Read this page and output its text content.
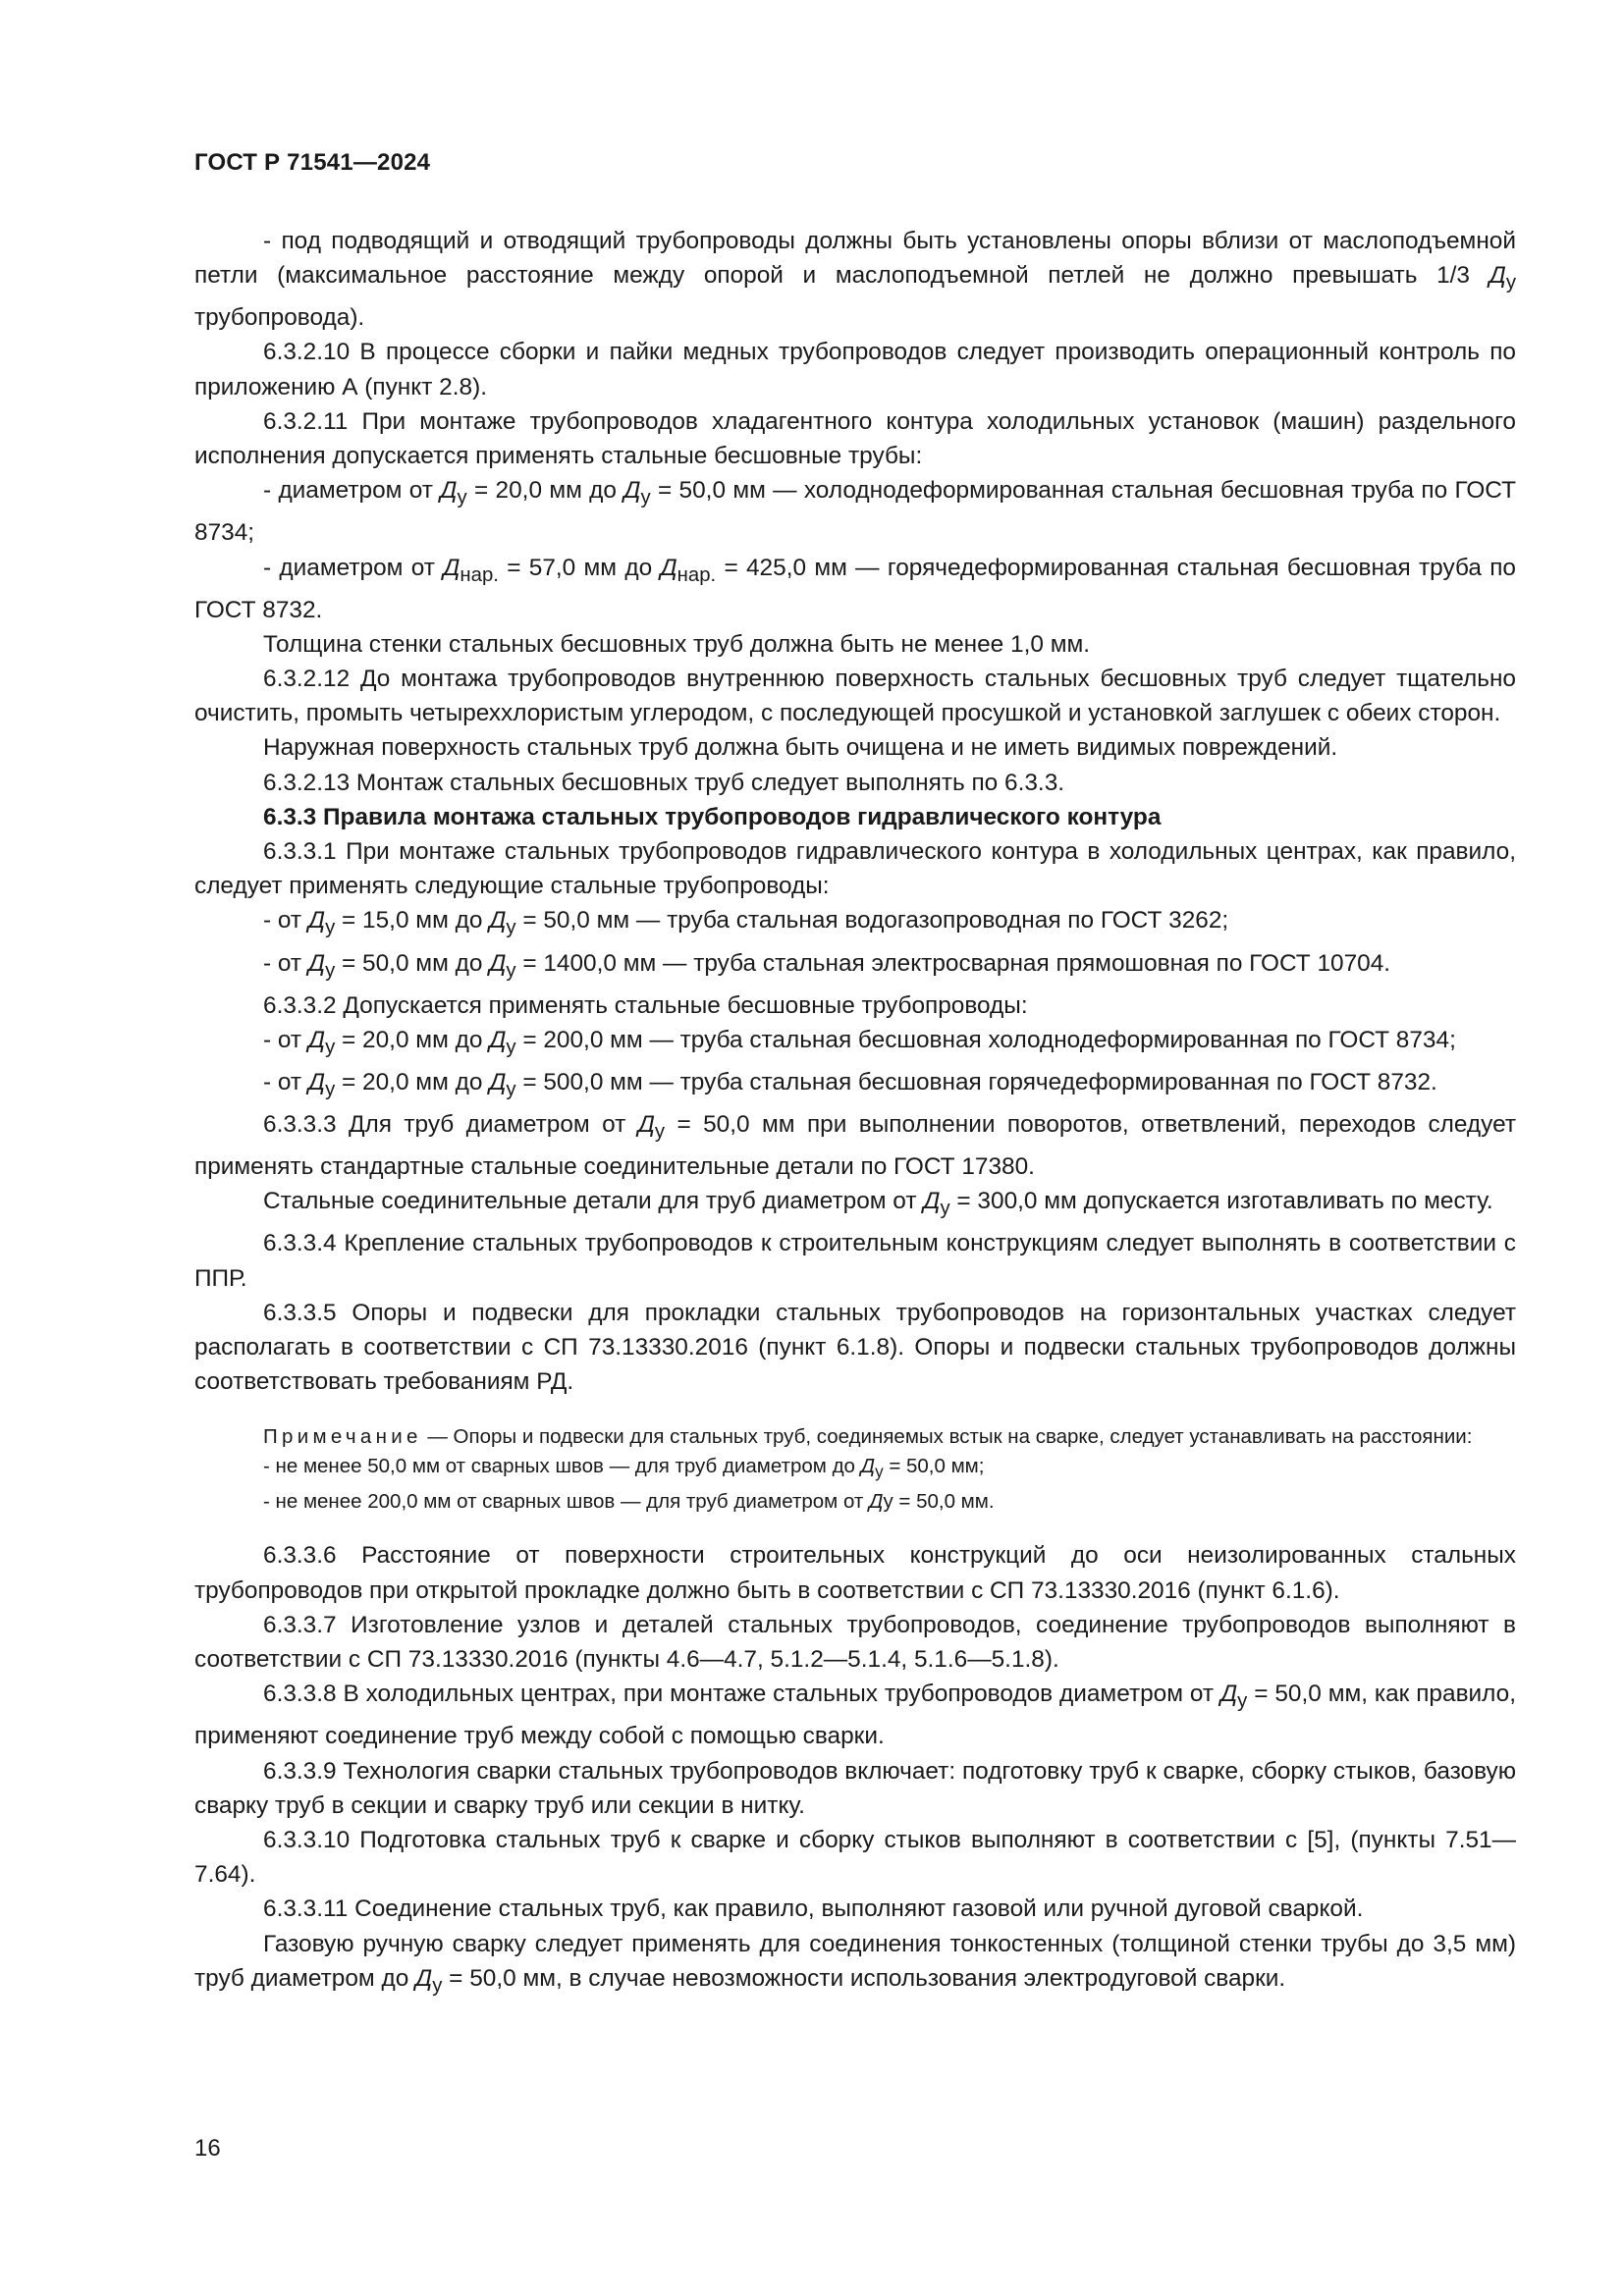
ГОСТ Р 71541—2024

- под подводящий и отводящий трубопроводы должны быть установлены опоры вблизи от маслоподъемной петли (максимальное расстояние между опорой и маслоподъемной петлей не должно превышать 1/3 $Д_у$ трубопровода).

6.3.2.10 В процессе сборки и пайки медных трубопроводов следует производить операционный контроль по приложению А (пункт 2.8).

6.3.2.11 При монтаже трубопроводов хладагентного контура холодильных установок (машин) раздельного исполнения допускается применять стальные бесшовные трубы:

- диаметром от $Д_у = 20,0$ мм до $Д_у = 50,0$ мм — холоднодеформированная стальная бесшовная труба по ГОСТ 8734;

- диаметром от $Д_{нар.} = 57,0$ мм до $Д_{нар.} = 425,0$ мм — горячедеформированная стальная бесшовная труба по ГОСТ 8732.

Толщина стенки стальных бесшовных труб должна быть не менее 1,0 мм.

6.3.2.12 До монтажа трубопроводов внутреннюю поверхность стальных бесшовных труб следует тщательно очистить, промыть четыреххлористым углеродом, с последующей просушкой и установкой заглушек с обеих сторон.

Наружная поверхность стальных труб должна быть очищена и не иметь видимых повреждений.

6.3.2.13 Монтаж стальных бесшовных труб следует выполнять по 6.3.3.

6.3.3 Правила монтажа стальных трубопроводов гидравлического контура

6.3.3.1 При монтаже стальных трубопроводов гидравлического контура в холодильных центрах, как правило, следует применять следующие стальные трубопроводы:

- от $Д_у = 15,0$ мм до $Д_у = 50,0$ мм — труба стальная водогазопроводная по ГОСТ 3262;

- от $Д_у = 50,0$ мм до $Д_у = 1400,0$ мм — труба стальная электросварная прямошовная по ГОСТ 10704.

6.3.3.2 Допускается применять стальные бесшовные трубопроводы:

- от $Д_у = 20,0$ мм до $Д_у = 200,0$ мм — труба стальная бесшовная холоднодеформированная по ГОСТ 8734;

- от $Д_у = 20,0$ мм до $Д_у = 500,0$ мм — труба стальная бесшовная горячедеформированная по ГОСТ 8732.

6.3.3.3 Для труб диаметром от $Д_у = 50,0$ мм при выполнении поворотов, ответвлений, переходов следует применять стандартные стальные соединительные детали по ГОСТ 17380.

Стальные соединительные детали для труб диаметром от $Д_у = 300,0$ мм допускается изготавливать по месту.

6.3.3.4 Крепление стальных трубопроводов к строительным конструкциям следует выполнять в соответствии с ППР.

6.3.3.5 Опоры и подвески для прокладки стальных трубопроводов на горизонтальных участках следует располагать в соответствии с СП 73.13330.2016 (пункт 6.1.8). Опоры и подвески стальных трубопроводов должны соответствовать требованиям РД.

Примечание — Опоры и подвески для стальных труб, соединяемых встык на сварке, следует устанавливать на расстоянии:

- не менее 50,0 мм от сварных швов — для труб диаметром до $Д_у = 50,0$ мм;

- не менее 200,0 мм от сварных швов — для труб диаметром от Ду = 50,0 мм.

6.3.3.6 Расстояние от поверхности строительных конструкций до оси неизолированных стальных трубопроводов при открытой прокладке должно быть в соответствии с СП 73.13330.2016 (пункт 6.1.6).

6.3.3.7 Изготовление узлов и деталей стальных трубопроводов, соединение трубопроводов выполняют в соответствии с СП 73.13330.2016 (пункты 4.6—4.7, 5.1.2—5.1.4, 5.1.6—5.1.8).

6.3.3.8 В холодильных центрах, при монтаже стальных трубопроводов диаметром от $Д_у = 50,0$ мм, как правило, применяют соединение труб между собой с помощью сварки.

6.3.3.9 Технология сварки стальных трубопроводов включает: подготовку труб к сварке, сборку стыков, базовую сварку труб в секции и сварку труб или секции в нитку.

6.3.3.10 Подготовка стальных труб к сварке и сборку стыков выполняют в соответствии с [5], (пункты 7.51—7.64).

6.3.3.11 Соединение стальных труб, как правило, выполняют газовой или ручной дуговой сваркой.

Газовую ручную сварку следует применять для соединения тонкостенных (толщиной стенки трубы до 3,5 мм) труб диаметром до $Д_у = 50,0$ мм, в случае невозможности использования электродуговой сварки.

16
